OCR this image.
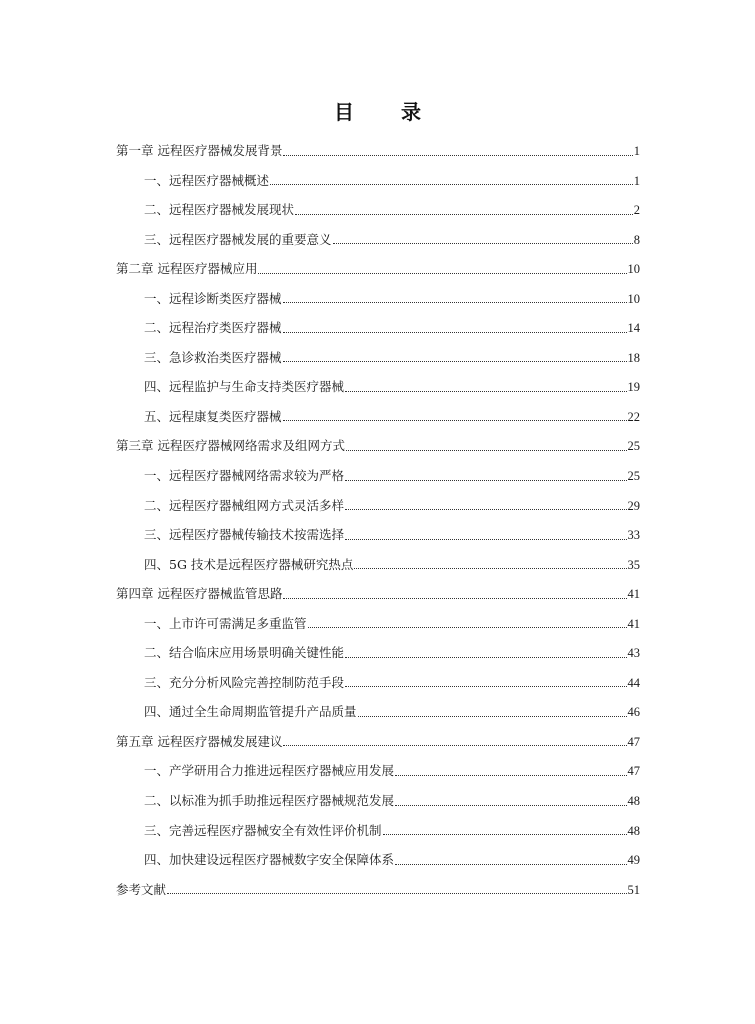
目 录
第一章 远程医疗器械发展背景	1
一、远程医疗器械概述	1
二、远程医疗器械发展现状	2
三、远程医疗器械发展的重要意义	8
第二章 远程医疗器械应用	10
一、远程诊断类医疗器械	10
二、远程治疗类医疗器械	14
三、急诊救治类医疗器械	18
四、远程监护与生命支持类医疗器械	19
五、远程康复类医疗器械	22
第三章 远程医疗器械网络需求及组网方式	25
一、远程医疗器械网络需求较为严格	25
二、远程医疗器械组网方式灵活多样	29
三、远程医疗器械传输技术按需选择	33
四、5G 技术是远程医疗器械研究热点	35
第四章 远程医疗器械监管思路	41
一、上市许可需满足多重监管	41
二、结合临床应用场景明确关键性能	43
三、充分分析风险完善控制防范手段	44
四、通过全生命周期监管提升产品质量	46
第五章 远程医疗器械发展建议	47
一、产学研用合力推进远程医疗器械应用发展	47
二、以标准为抓手助推远程医疗器械规范发展	48
三、完善远程医疗器械安全有效性评价机制	48
四、加快建设远程医疗器械数字安全保障体系	49
参考文献	51
